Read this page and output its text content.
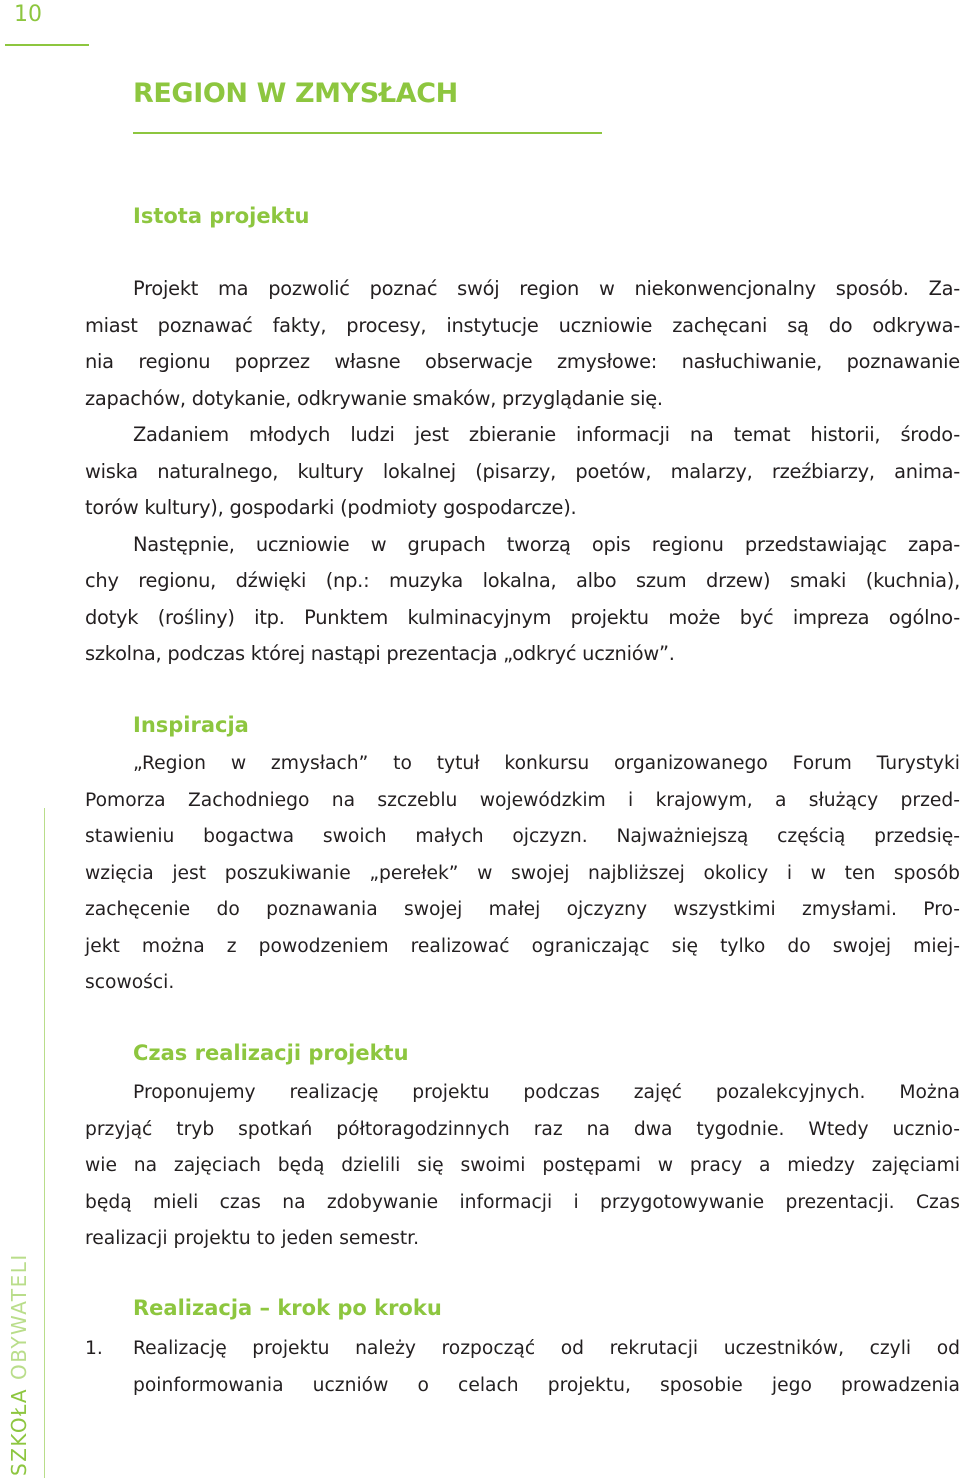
10
REGION W ZMYSŁACH
Istota projektu
Projekt ma pozwolić poznać swój region w niekonwencjonalny sposób. Za-
miast poznawać fakty, procesy, instytucje uczniowie zachęcani są do odkrywa-
nia regionu poprzez własne obserwacje zmysłowe: nasłuchiwanie, poznawanie
zapachów, dotykanie, odkrywanie smaków, przyglądanie się.
Zadaniem młodych ludzi jest zbieranie informacji na temat historii, środo-
wiska naturalnego, kultury lokalnej (pisarzy, poetów, malarzy, rzeźbiarzy, anima-
torów kultury), gospodarki (podmioty gospodarcze).
Następnie, uczniowie w grupach tworzą opis regionu przedstawiając zapa-
chy regionu, dźwięki (np.: muzyka lokalna, albo szum drzew) smaki (kuchnia),
dotyk (rośliny) itp. Punktem kulminacyjnym projektu może być impreza ogólno-
szkolna, podczas której nastąpi prezentacja „odkryć uczniów”.
Inspiracja
„Region w zmysłach” to tytuł konkursu organizowanego Forum Turystyki
Pomorza Zachodniego na szczeblu wojewódzkim i krajowym, a służący przed-
stawieniu bogactwa swoich małych ojczyzn. Najważniejszą częścią przedsię-
wzięcia jest poszukiwanie „perełek” w swojej najbliższej okolicy i w ten sposób
zachęcenie do poznawania swojej małej ojczyzny wszystkimi zmysłami. Pro-
jekt można z powodzeniem realizować ograniczając się tylko do swojej miej-
scowości.
Czas realizacji projektu
Proponujemy realizację projektu podczas zajęć pozalekcyjnych. Można
przyjąć tryb spotkań półtoragodzinnych raz na dwa tygodnie. Wtedy ucznio-
wie na zajęciach będą dzielili się swoimi postępami w pracy a miedzy zajęciami
będą mieli czas na zdobywanie informacji i przygotowywanie prezentacji. Czas
realizacji projektu to jeden semestr.
Realizacja – krok po kroku
1.	Realizację projektu należy rozpocząć od rekrutacji uczestników, czyli od
poinformowania uczniów o celach projektu, sposobie jego prowadzenia
SZKOŁA OBYWATELI
